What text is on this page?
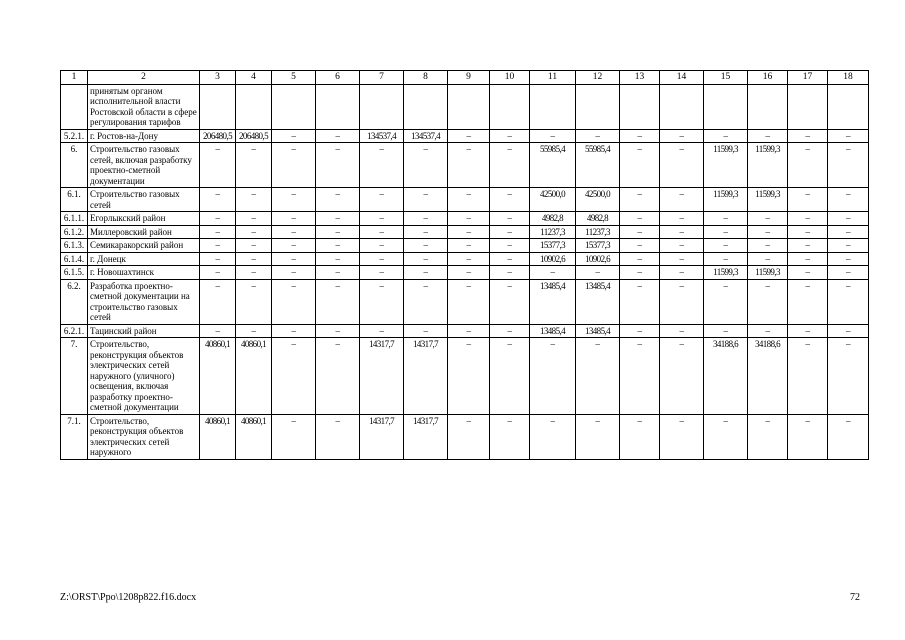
1	2	3	4	5	6	7	8	9	10	11	12	13	14	15	16	17	18
	принятым органом исполнительной власти Ростовской области в сфере регулирования тарифов																
5.2.1.	г. Ростов-на-Дону	206480,5	206480,5	–	–	134537,4	134537,4	–	–	–	–	–	–	–	–	–	–
6.	Строительство газовых сетей, включая разработку проектно-сметной документации	–	–	–	–	–	–	–	–	55985,4	55985,4	–	–	11599,3	11599,3	–	–
6.1.	Строительство газовых сетей	–	–	–	–	–	–	–	–	42500,0	42500,0	–	–	11599,3	11599,3	–	–
6.1.1.	Егорлыкский район	–	–	–	–	–	–	–	–	4982,8	4982,8	–	–	–	–	–	–
6.1.2.	Миллеровский район	–	–	–	–	–	–	–	–	11237,3	11237,3	–	–	–	–	–	–
6.1.3.	Семикаракорский район	–	–	–	–	–	–	–	–	15377,3	15377,3	–	–	–	–	–	–
6.1.4.	г. Донецк	–	–	–	–	–	–	–	–	10902,6	10902,6	–	–	–	–	–	–
6.1.5.	г. Новошахтинск	–	–	–	–	–	–	–	–	–	–	–	–	11599,3	11599,3	–	–
6.2.	Разработка проектно-сметной документации на строительство газовых сетей	–	–	–	–	–	–	–	–	13485,4	13485,4	–	–	–	–	–	–
6.2.1.	Тацинский район	–	–	–	–	–	–	–	–	13485,4	13485,4	–	–	–	–	–	–
7.	Строительство, реконструкция объектов электрических сетей наружного (уличного) освещения, включая разработку проектно-сметной документации	40860,1	40860,1	–	–	14317,7	14317,7	–	–	–	–	–	–	34188,6	34188,6	–	–
7.1.	Строительство, реконструкция объектов электрических сетей наружного	40860,1	40860,1	–	–	14317,7	14317,7	–	–	–	–	–	–	–	–	–	–
Z:\ORST\Ppo\1208p822.f16.docx	72
